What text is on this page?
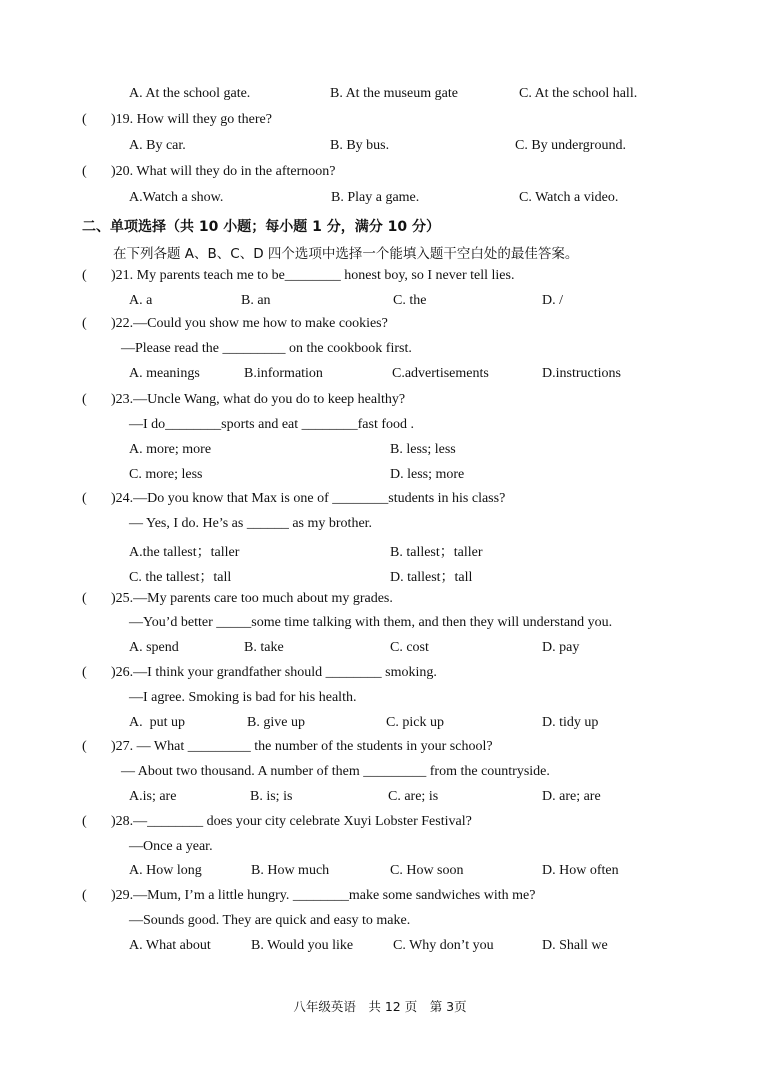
A. At the school gate.	B. At the museum gate	C. At the school hall.
( )19. How will they go there?
A. By car.	B. By bus.	C. By underground.
( )20. What will they do in the afternoon?
A.Watch a show.	B. Play a game.	C. Watch a video.
二、单项选择（共 10 小题；每小题 1 分，满分 10 分）
在下列各题 A、B、C、D 四个选项中选择一个能填入题干空白处的最佳答案。
( )21. My parents teach me to be________ honest boy, so I never tell lies.
A. a	B. an	C. the	D. /
( )22.—Could you show me how to make cookies?
—Please read the _________ on the cookbook first.
A. meanings	B.information	C.advertisements	D.instructions
( )23.—Uncle Wang, what do you do to keep healthy?
—I do________sports and eat ________fast food .
A. more; more	B. less; less
C. more; less	D. less; more
( )24.—Do you know that Max is one of ________students in his class?
— Yes, I do. He’s as ______ as my brother.
A.the tallest；taller	B. tallest；taller
C. the tallest；tall	D. tallest；tall
( )25.—My parents care too much about my grades.
—You’d better _____some time talking with them, and then they will understand you.
A. spend	B. take	C. cost	D. pay
( )26.—I think your grandfather should ________ smoking.
—I agree. Smoking is bad for his health.
A.  put up	B. give up	C. pick up	D. tidy up
( )27. — What _________ the number of the students in your school?
— About two thousand. A number of them _________ from the countryside.
A.is; are	B. is; is	C. are; is	D. are; are
( )28.—________ does your city celebrate Xuyi Lobster Festival?
—Once a year.
A. How long	B. How much	C. How soon	D. How often
( )29.—Mum, I’m a little hungry. ________make some sandwiches with me?
—Sounds good. They are quick and easy to make.
A. What about	B. Would you like	C. Why don’t you	D. Shall we
八年级英语　共 12 页　第 3页
